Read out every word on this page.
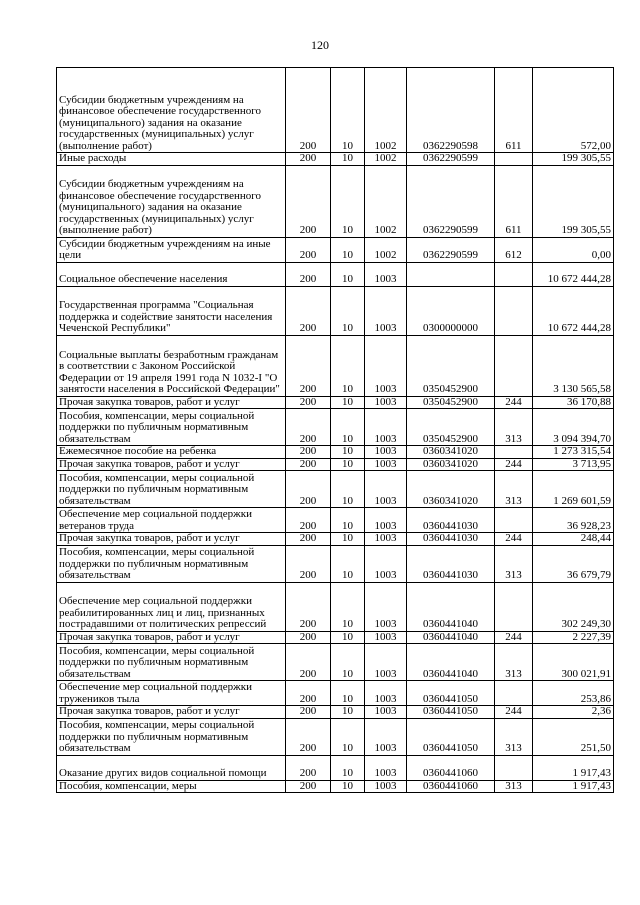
120
Субсидии бюджетным учреждениям на финансовое обеспечение государственного (муниципального) задания на оказание государственных (муниципальных) услуг (выполнение работ)	200	10	1002	0362290598	611	572,00
Иные расходы	200	10	1002	0362290599		199 305,55
Субсидии бюджетным учреждениям на финансовое обеспечение государственного (муниципального) задания на оказание государственных (муниципальных) услуг (выполнение работ)	200	10	1002	0362290599	611	199 305,55
Субсидии бюджетным учреждениям на иные цели	200	10	1002	0362290599	612	0,00
Социальное обеспечение населения	200	10	1003			10 672 444,28
Государственная программа "Социальная поддержка и содействие занятости населения Чеченской Республики"	200	10	1003	0300000000		10 672 444,28
Социальные выплаты безработным гражданам в соответствии с Законом Российской Федерации от 19 апреля 1991 года N 1032-I "О занятости населения в Российской Федерации"	200	10	1003	0350452900		3 130 565,58
Прочая закупка товаров, работ и услуг	200	10	1003	0350452900	244	36 170,88
Пособия, компенсации, меры социальной поддержки по публичным нормативным обязательствам	200	10	1003	0350452900	313	3 094 394,70
Ежемесячное пособие на ребенка	200	10	1003	0360341020		1 273 315,54
Прочая закупка товаров, работ и услуг	200	10	1003	0360341020	244	3 713,95
Пособия, компенсации, меры социальной поддержки по публичным нормативным обязательствам	200	10	1003	0360341020	313	1 269 601,59
Обеспечение мер социальной поддержки ветеранов труда	200	10	1003	0360441030		36 928,23
Прочая закупка товаров, работ и услуг	200	10	1003	0360441030	244	248,44
Пособия, компенсации, меры социальной поддержки по публичным нормативным обязательствам	200	10	1003	0360441030	313	36 679,79
Обеспечение мер социальной поддержки реабилитированных лиц и лиц, признанных пострадавшими от политических репрессий	200	10	1003	0360441040		302 249,30
Прочая закупка товаров, работ и услуг	200	10	1003	0360441040	244	2 227,39
Пособия, компенсации, меры социальной поддержки по публичным нормативным обязательствам	200	10	1003	0360441040	313	300 021,91
Обеспечение мер социальной поддержки тружеников тыла	200	10	1003	0360441050		253,86
Прочая закупка товаров, работ и услуг	200	10	1003	0360441050	244	2,36
Пособия, компенсации, меры социальной поддержки по публичным нормативным обязательствам	200	10	1003	0360441050	313	251,50
Оказание других видов социальной помощи	200	10	1003	0360441060		1 917,43
Пособия, компенсации, меры	200	10	1003	0360441060	313	1 917,43
